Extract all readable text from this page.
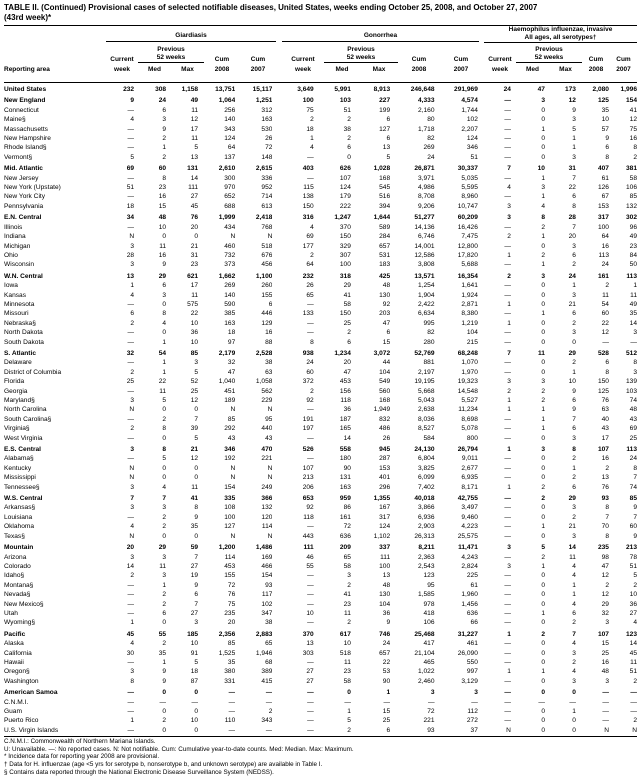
TABLE II. (Continued) Provisional cases of selected notifiable diseases, United States, weeks ending October 25, 2008, and October 27, 2007
(43rd week)*
Giardiasis	Gonorrhea
Haemophilus influenzae, invasive
All ages, all serotypes†
Previous
52 weeks
Previous
52 weeks
Previous
52 weeks
Current
week
Current
week
Current
week
Med	Max	Med	Max	Med	Max
Cum
2008
Cum
2007
Cum
2008
Cum
2007
Cum
2008
Cum
2007
Reporting area
United States	232	308	1,158	13,751	15,117	3,649	5,991	8,913	246,648	291,969	24	47	173	2,080	1,996
New England	9	24	49	1,064	1,251	100	103	227	4,333	4,574	—	3	12	125	154
Connecticut	—	6	11	256	312	75	51	199	2,160	1,744	—	0	9	35	41
Maine§	4	3	12	140	163	2	2	6	80	102	—	0	3	10	12
Massachusetts	—	9	17	343	530	18	38	127	1,718	2,207	—	1	5	57	75
New Hampshire	—	2	11	124	26	1	2	6	82	124	—	0	1	9	16
Rhode Island§	—	1	5	64	72	4	6	13	269	346	—	0	1	6	8
Vermont§	5	2	13	137	148	—	0	5	24	51	—	0	3	8	2
Mid. Atlantic	69	60	131	2,610	2,615	403	626	1,028	26,871	30,337	7	10	31	407	381
New Jersey	—	8	14	300	336	—	107	168	3,971	5,035	—	1	7	61	58
New York (Upstate)	51	23	111	970	952	115	124	545	4,986	5,595	4	3	22	126	106
New York City	—	16	27	652	714	138	179	516	8,708	8,960	—	1	6	67	85
Pennsylvania	18	15	45	688	613	150	222	394	9,206	10,747	3	4	8	153	132
E.N. Central	34	48	76	1,999	2,418	316	1,247	1,644	51,277	60,209	3	8	28	317	302
Illinois	—	10	20	434	768	4	370	589	14,136	16,426	—	2	7	100	96
Indiana	N	0	0	N	N	69	150	284	6,746	7,475	2	1	20	64	49
Michigan	3	11	21	460	518	177	329	657	14,001	12,800	—	0	3	16	23
Ohio	28	16	31	732	676	2	307	531	12,586	17,820	1	2	6	113	84
Wisconsin	3	9	23	373	456	64	100	183	3,808	5,688	—	1	2	24	50
W.N. Central	13	29	621	1,662	1,100	232	318	425	13,571	16,354	2	3	24	161	113
Iowa	1	6	17	269	260	26	29	48	1,254	1,641	—	0	1	2	1
Kansas	4	3	11	140	155	65	41	130	1,904	1,924	—	0	3	11	11
Minnesota	—	0	575	590	6	—	58	92	2,422	2,871	1	0	21	54	49
Missouri	6	8	22	385	446	133	150	203	6,634	8,380	—	1	6	60	35
Nebraska§	2	4	10	163	129	—	25	47	995	1,219	1	0	2	22	14
North Dakota	—	0	36	18	16	—	2	6	82	104	—	0	3	12	3
South Dakota	—	1	10	97	88	8	6	15	280	215	—	0	0	—	—
S. Atlantic	32	54	85	2,179	2,528	938	1,234	3,072	52,769	68,248	7	11	29	528	512
Delaware	—	1	3	32	38	24	20	44	881	1,070	—	0	2	6	8
District of Columbia	2	1	5	47	63	60	47	104	2,197	1,970	—	0	1	8	3
Florida	25	22	52	1,040	1,058	372	453	549	19,195	19,323	3	3	10	150	139
Georgia	—	11	25	451	562	2	156	560	5,668	14,548	2	2	9	125	103
Maryland§	3	5	12	189	229	92	118	168	5,043	5,527	1	2	6	76	74
North Carolina	N	0	0	N	N	—	36	1,949	2,638	11,234	1	1	9	63	48
South Carolina§	—	2	7	85	95	191	187	832	8,036	8,698	—	1	7	40	43
Virginia§	2	8	39	292	440	197	165	486	8,527	5,078	—	1	6	43	69
West Virginia	—	0	5	43	43	—	14	26	584	800	—	0	3	17	25
E.S. Central	3	8	21	346	470	526	558	945	24,130	26,794	1	3	8	107	113
Alabama§	—	5	12	192	221	—	180	287	6,804	9,011	—	0	2	16	24
Kentucky	N	0	0	N	N	107	90	153	3,825	2,677	—	0	1	2	8
Mississippi	N	0	0	N	N	213	131	401	6,099	6,935	—	0	2	13	7
Tennessee§	3	4	11	154	249	206	163	296	7,402	8,171	1	2	6	76	74
W.S. Central	7	7	41	335	366	653	959	1,355	40,018	42,755	—	2	29	93	85
Arkansas§	3	3	8	108	132	92	86	167	3,866	3,497	—	0	3	8	9
Louisiana	—	2	9	100	120	118	161	317	6,936	9,460	—	0	2	7	7
Oklahoma	4	2	35	127	114	—	72	124	2,903	4,223	—	1	21	70	60
Texas§	N	0	0	N	N	443	636	1,102	26,313	25,575	—	0	3	8	9
Mountain	20	29	59	1,200	1,486	111	209	337	8,211	11,471	3	5	14	235	213
Arizona	3	3	7	114	169	46	65	111	2,363	4,243	—	2	11	98	78
Colorado	14	11	27	453	466	55	58	100	2,543	2,824	3	1	4	47	51
Idaho§	2	3	19	155	154	—	3	13	123	225	—	0	4	12	5
Montana§	—	1	9	72	93	—	2	48	95	61	—	0	1	2	2
Nevada§	—	2	6	76	117	—	41	130	1,585	1,960	—	0	1	12	10
New Mexico§	—	2	7	75	102	—	23	104	978	1,456	—	0	4	29	36
Utah	—	6	27	235	347	10	11	36	418	636	—	1	6	32	27
Wyoming§	1	0	3	20	38	—	2	9	106	66	—	0	2	3	4
Pacific	45	55	185	2,356	2,883	370	617	746	25,468	31,227	1	2	7	107	123
Alaska	4	2	10	85	65	13	10	24	417	461	—	0	4	15	14
California	30	35	91	1,525	1,946	303	518	657	21,104	26,090	—	0	3	25	45
Hawaii	—	1	5	35	68	—	11	22	465	550	—	0	2	16	11
Oregon§	3	9	18	380	389	27	23	53	1,022	997	1	1	4	48	51
Washington	8	9	87	331	415	27	58	90	2,460	3,129	—	0	3	3	2
American Samoa	—	0	0	—	—	—	0	1	3	3	—	0	0	—	—
C.N.M.I.	—	—	—	—	—	—	—	—	—	—	—	—	—	—	—
Guam	—	0	0	—	2	—	1	15	72	112	—	0	1	—	—
Puerto Rico	1	2	10	110	343	—	5	25	221	272	—	0	0	—	2
U.S. Virgin Islands	—	0	0	—	—	—	2	6	93	37	N	0	0	N	N
C.N.M.I.: Commonwealth of Northern Mariana Islands.
U: Unavailable. —: No reported cases. N: Not notifiable. Cum: Cumulative year-to-date counts. Med: Median. Max: Maximum.
* Incidence data for reporting year 2008 are provisional.
† Data for H. influenzae (age <5 yrs for serotype b, nonserotype b, and unknown serotype) are available in Table I.
§ Contains data reported through the National Electronic Disease Surveillance System (NEDSS).
